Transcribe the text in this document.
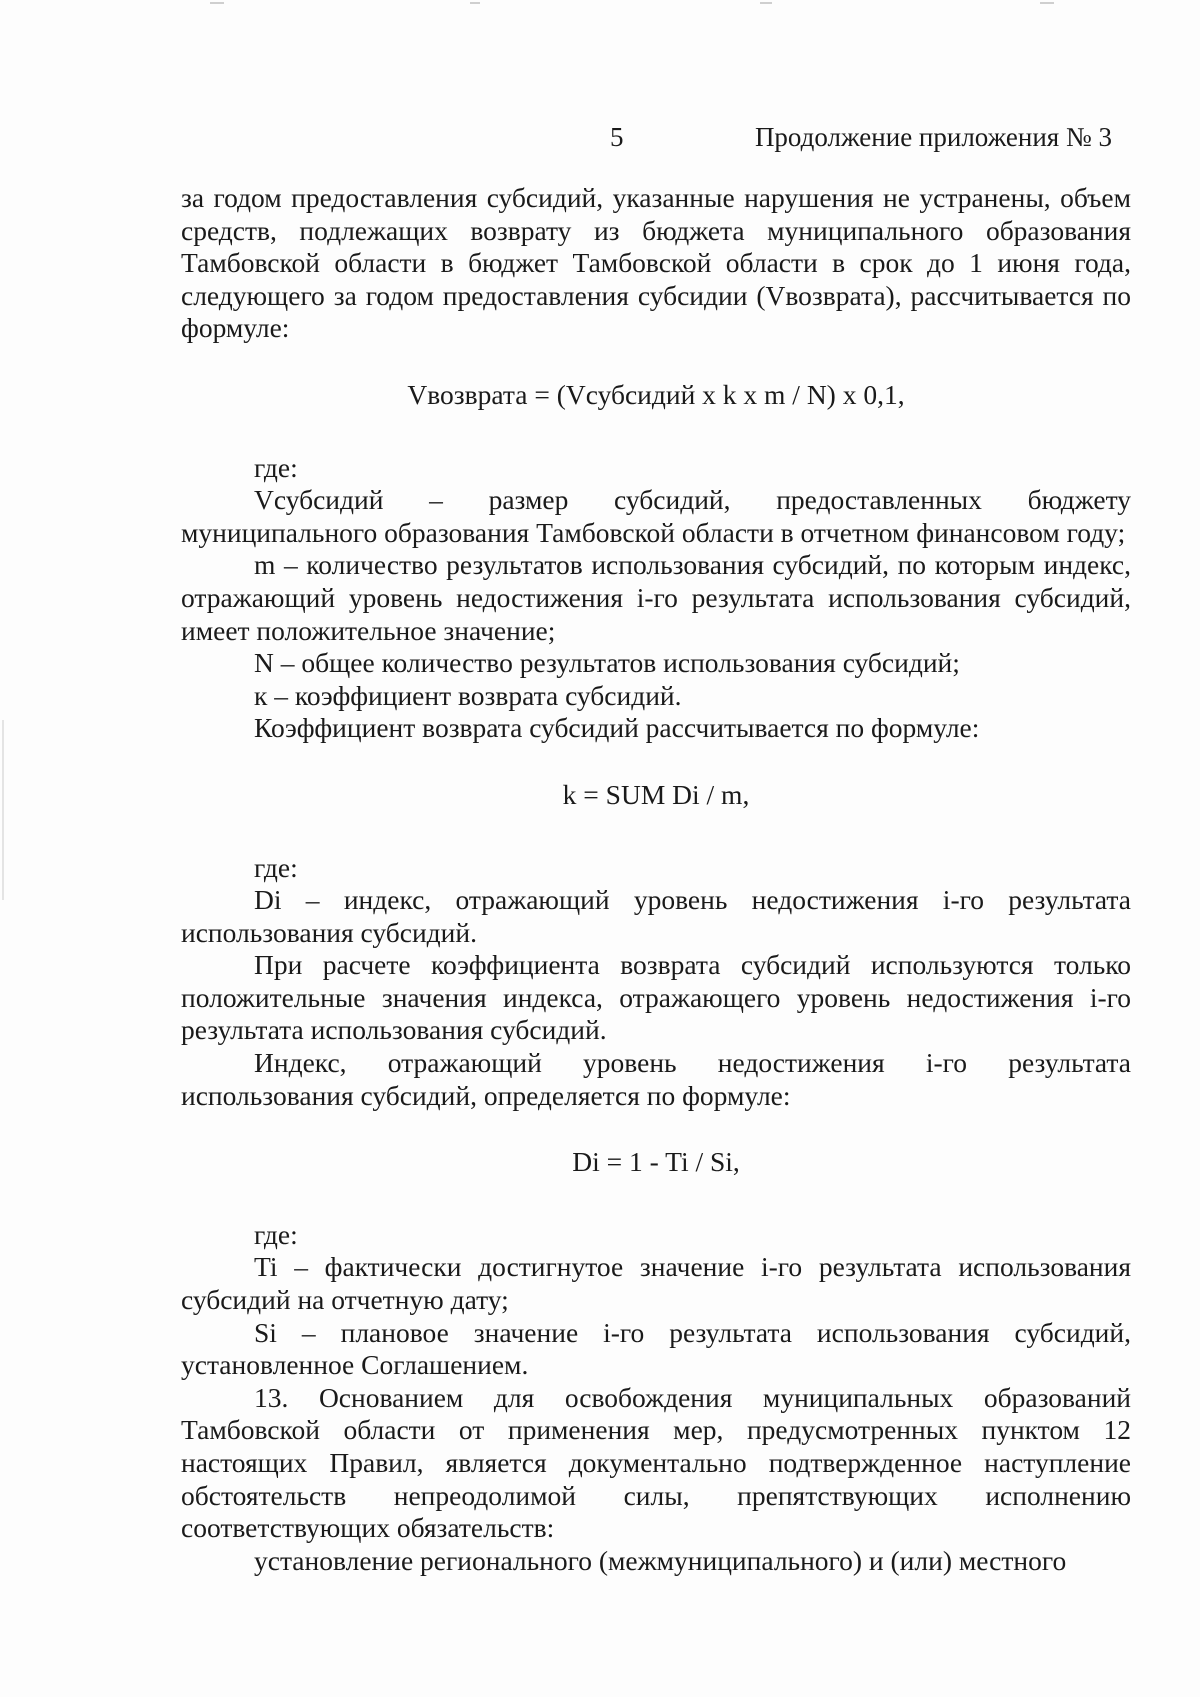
5	Продолжение приложения № 3

за годом предоставления субсидий, указанные нарушения не устранены, объем средств, подлежащих возврату из бюджета муниципального образования Тамбовской области в бюджет Тамбовской области в срок до 1 июня года, следующего за годом предоставления субсидии (Vвозврата), рассчитывается по формуле:

Vвозврата = (Vсубсидий x k x m / N) x 0,1,

где:

Vсубсидий – размер субсидий, предоставленных бюджету муниципального образования Тамбовской области в отчетном финансовом году;

m – количество результатов использования субсидий, по которым индекс, отражающий уровень недостижения i-го результата использования субсидий, имеет положительное значение;

N – общее количество результатов использования субсидий;

к – коэффициент возврата субсидий.

Коэффициент возврата субсидий рассчитывается по формуле:

k = SUM Di / m,

где:

Di – индекс, отражающий уровень недостижения i-го результата использования субсидий.

При расчете коэффициента возврата субсидий используются только положительные значения индекса, отражающего уровень недостижения i-го результата использования субсидий.

Индекс, отражающий уровень недостижения i-го результата использования субсидий, определяется по формуле:

Di = 1 - Ti / Si,

где:

Ti – фактически достигнутое значение i-го результата использования субсидий на отчетную дату;

Si – плановое значение i-го результата использования субсидий, установленное Соглашением.

13. Основанием для освобождения муниципальных образований Тамбовской области от применения мер, предусмотренных пунктом 12 настоящих Правил, является документально подтвержденное наступление обстоятельств непреодолимой силы, препятствующих исполнению соответствующих обязательств:

установление регионального (межмуниципального) и (или) местного
